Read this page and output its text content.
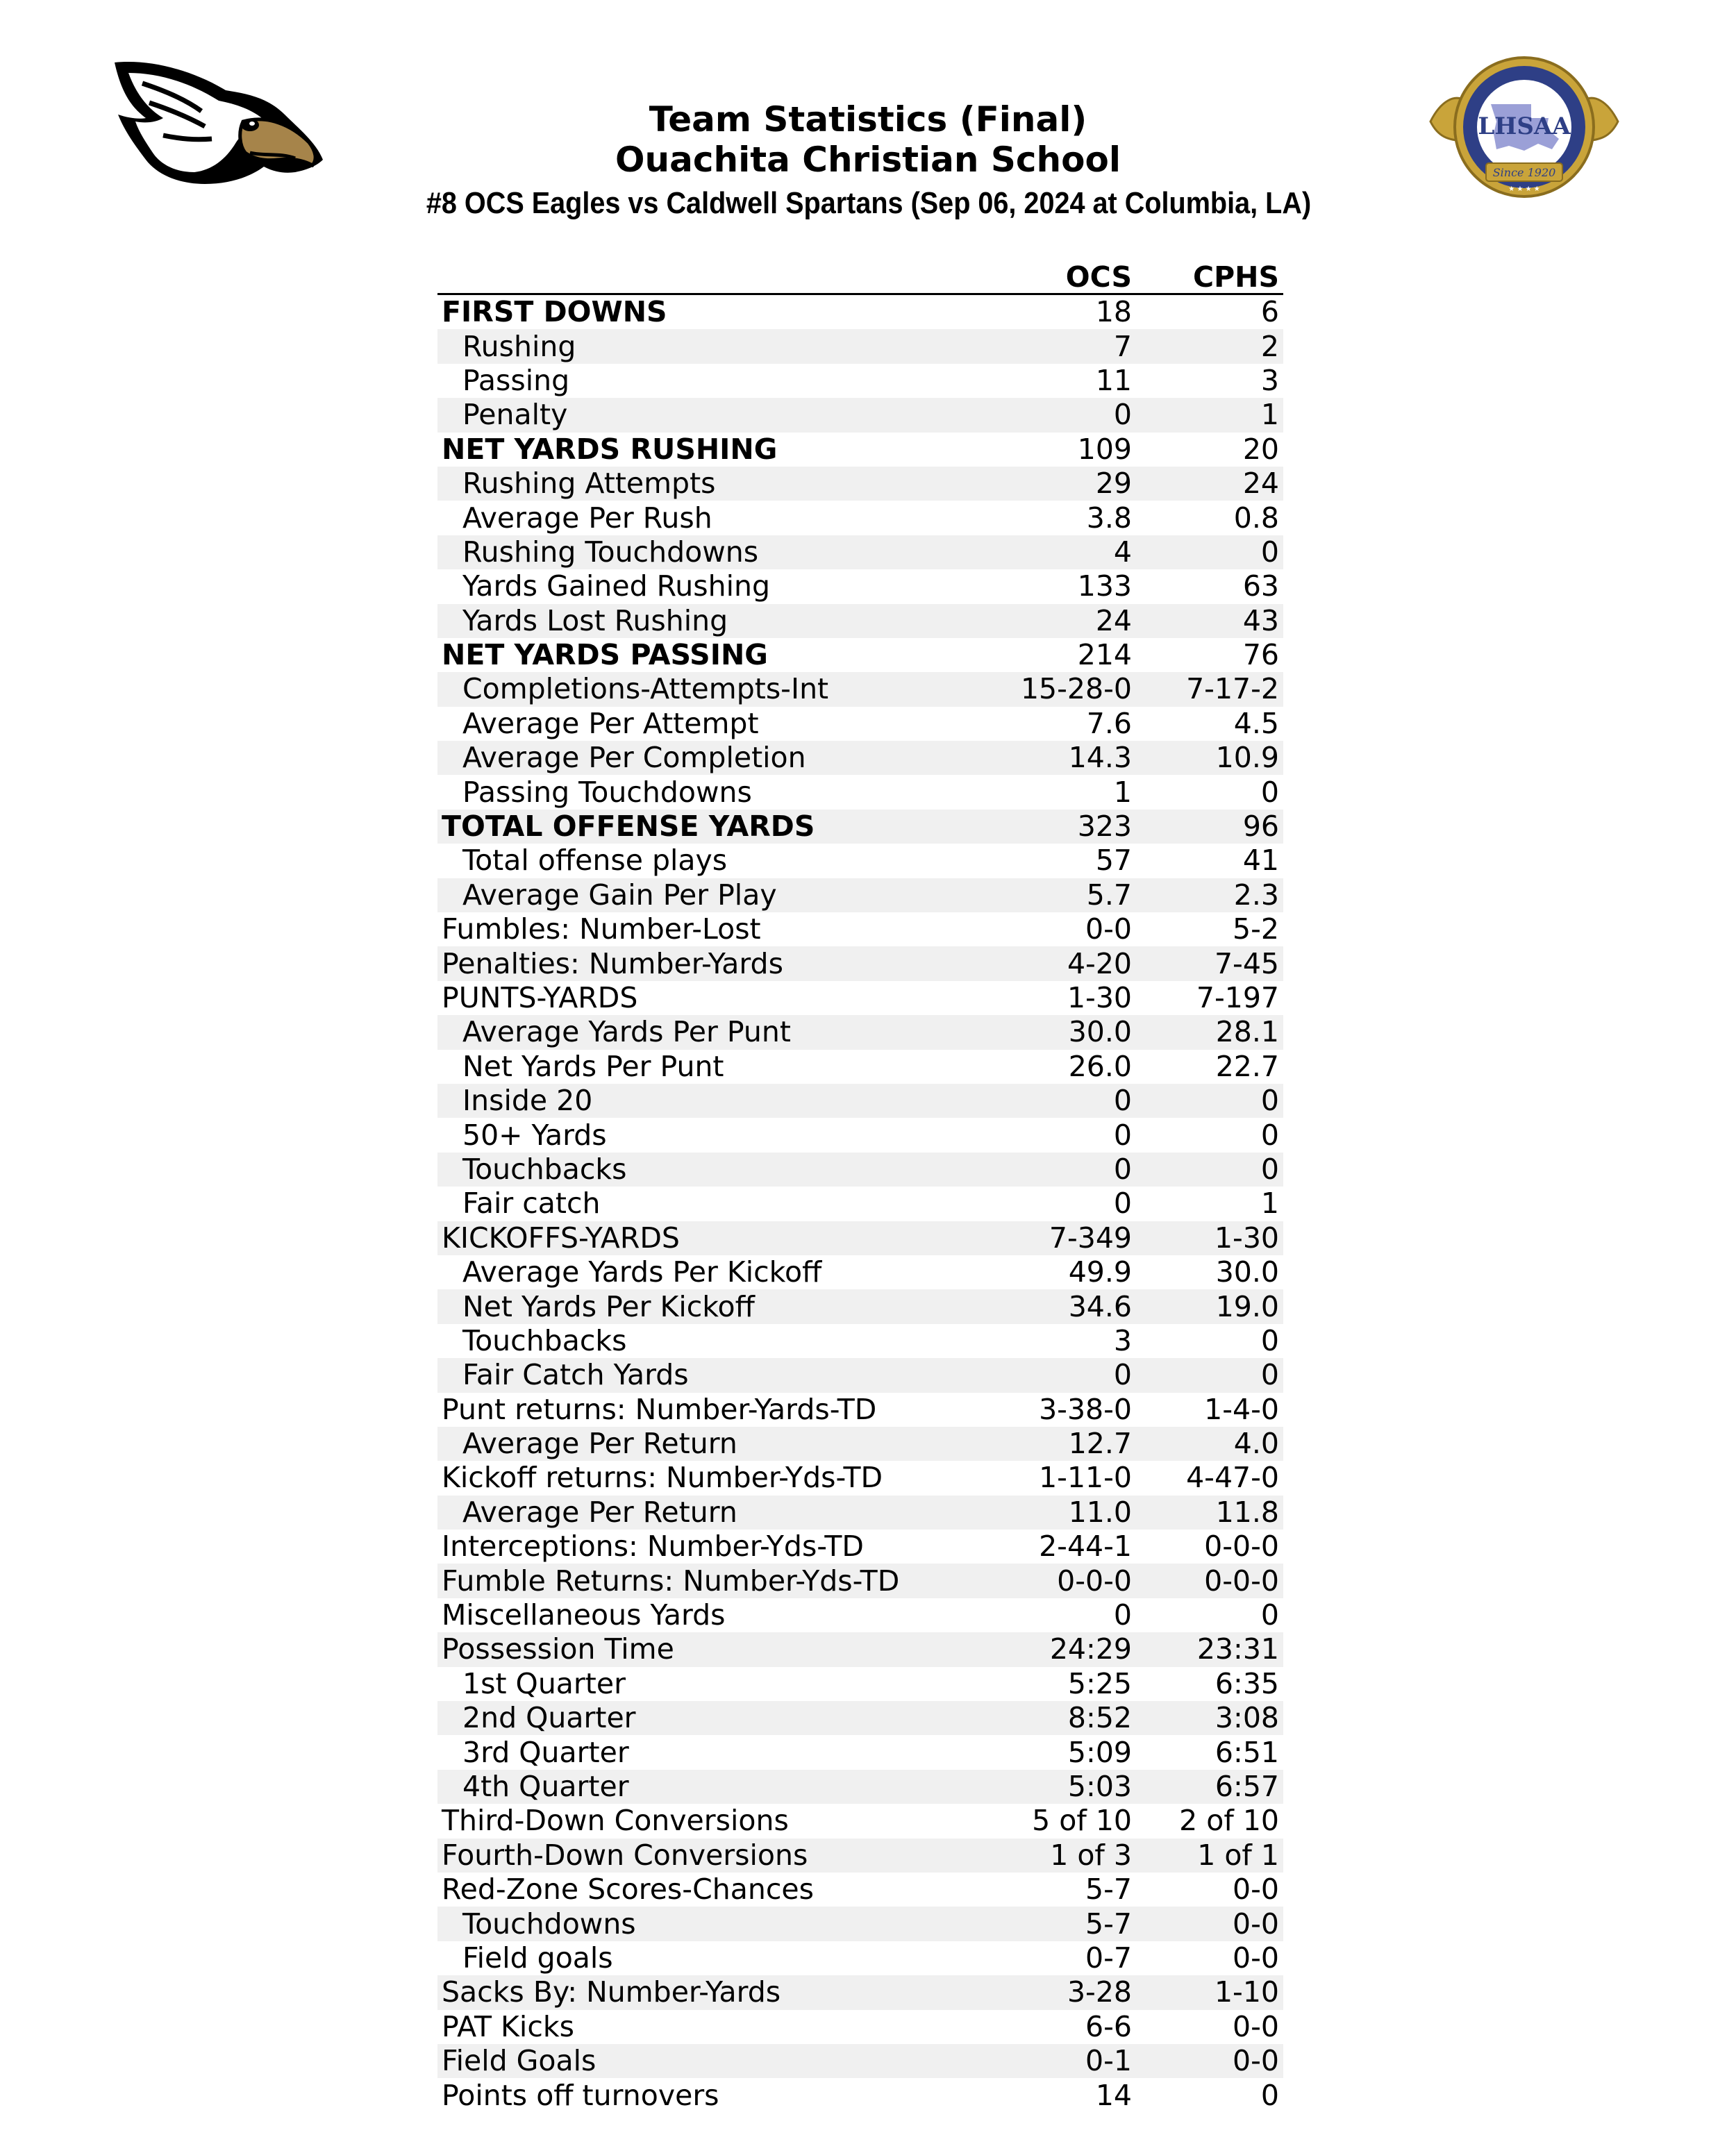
LHSAA
Since 1920
★ ★ ★ ★
Team Statistics (Final)
Ouachita Christian School
#8 OCS Eagles vs Caldwell Spartans (Sep 06, 2024 at Columbia, LA)
	OCS	CPHS
FIRST DOWNS	18	6
Rushing	7	2
Passing	11	3
Penalty	0	1
NET YARDS RUSHING	109	20
Rushing Attempts	29	24
Average Per Rush	3.8	0.8
Rushing Touchdowns	4	0
Yards Gained Rushing	133	63
Yards Lost Rushing	24	43
NET YARDS PASSING	214	76
Completions-Attempts-Int	15-28-0	7-17-2
Average Per Attempt	7.6	4.5
Average Per Completion	14.3	10.9
Passing Touchdowns	1	0
TOTAL OFFENSE YARDS	323	96
Total offense plays	57	41
Average Gain Per Play	5.7	2.3
Fumbles: Number-Lost	0-0	5-2
Penalties: Number-Yards	4-20	7-45
PUNTS-YARDS	1-30	7-197
Average Yards Per Punt	30.0	28.1
Net Yards Per Punt	26.0	22.7
Inside 20	0	0
50+ Yards	0	0
Touchbacks	0	0
Fair catch	0	1
KICKOFFS-YARDS	7-349	1-30
Average Yards Per Kickoff	49.9	30.0
Net Yards Per Kickoff	34.6	19.0
Touchbacks	3	0
Fair Catch Yards	0	0
Punt returns: Number-Yards-TD	3-38-0	1-4-0
Average Per Return	12.7	4.0
Kickoff returns: Number-Yds-TD	1-11-0	4-47-0
Average Per Return	11.0	11.8
Interceptions: Number-Yds-TD	2-44-1	0-0-0
Fumble Returns: Number-Yds-TD	0-0-0	0-0-0
Miscellaneous Yards	0	0
Possession Time	24:29	23:31
1st Quarter	5:25	6:35
2nd Quarter	8:52	3:08
3rd Quarter	5:09	6:51
4th Quarter	5:03	6:57
Third-Down Conversions	5 of 10	2 of 10
Fourth-Down Conversions	1 of 3	1 of 1
Red-Zone Scores-Chances	5-7	0-0
Touchdowns	5-7	0-0
Field goals	0-7	0-0
Sacks By: Number-Yards	3-28	1-10
PAT Kicks	6-6	0-0
Field Goals	0-1	0-0
Points off turnovers	14	0
